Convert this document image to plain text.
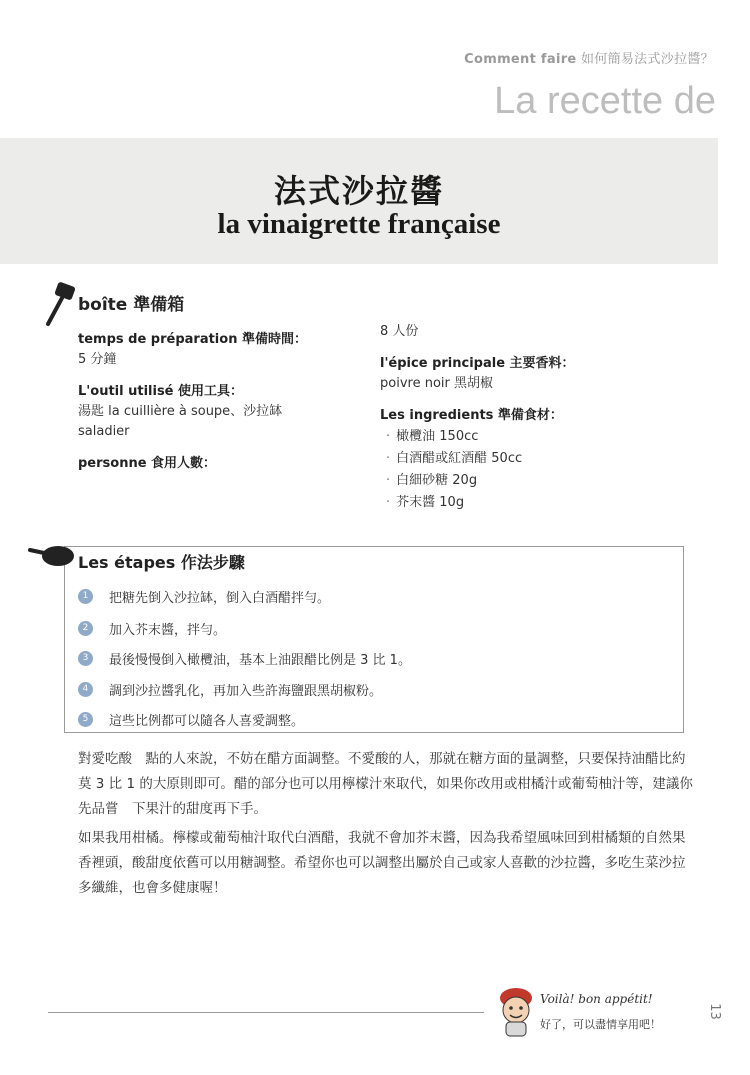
Comment faire 如何簡易法式沙拉醬？
La recette de
法式沙拉醬
la vinaigrette française
boîte 準備箱
temps de préparation 準備時間：
5 分鐘
L'outil utilisé 使用工具：
湯匙 la cuillière à soupe、沙拉缽
saladier
personne 食用人數：
8 人份
l'épice principale 主要香料：
poivre noir 黑胡椒
Les ingredients 準備食材：
· 橄欖油 150cc
· 白酒醋或紅酒醋 50cc
· 白細砂糖 20g
· 芥末醬 10g
Les étapes 作法步驟
1	把糖先倒入沙拉缽，倒入白酒醋拌勻。
2	加入芥末醬，拌勻。
3	最後慢慢倒入橄欖油，基本上油跟醋比例是 3 比 1。
4	調到沙拉醬乳化，再加入些許海鹽跟黑胡椒粉。
5	這些比例都可以隨各人喜愛調整。

對愛吃酸　點的人來說，不妨在醋方面調整。不愛酸的人，那就在糖方面的量調整，只要保持油醋比約莫 3 比 1 的大原則即可。醋的部分也可以用檸檬汁來取代，如果你改用或柑橘汁或葡萄柚汁等，建議你先品嘗　下果汁的甜度再下手。

如果我用柑橘。檸檬或葡萄柚汁取代白酒醋，我就不會加芥末醬，因為我希望風味回到柑橘類的自然果香裡頭，酸甜度依舊可以用糖調整。希望你也可以調整出屬於自己或家人喜歡的沙拉醬，多吃生菜沙拉多纖維，也會多健康喔！

Voilà! bon appétit!
好了，可以盡情享用吧！
13
